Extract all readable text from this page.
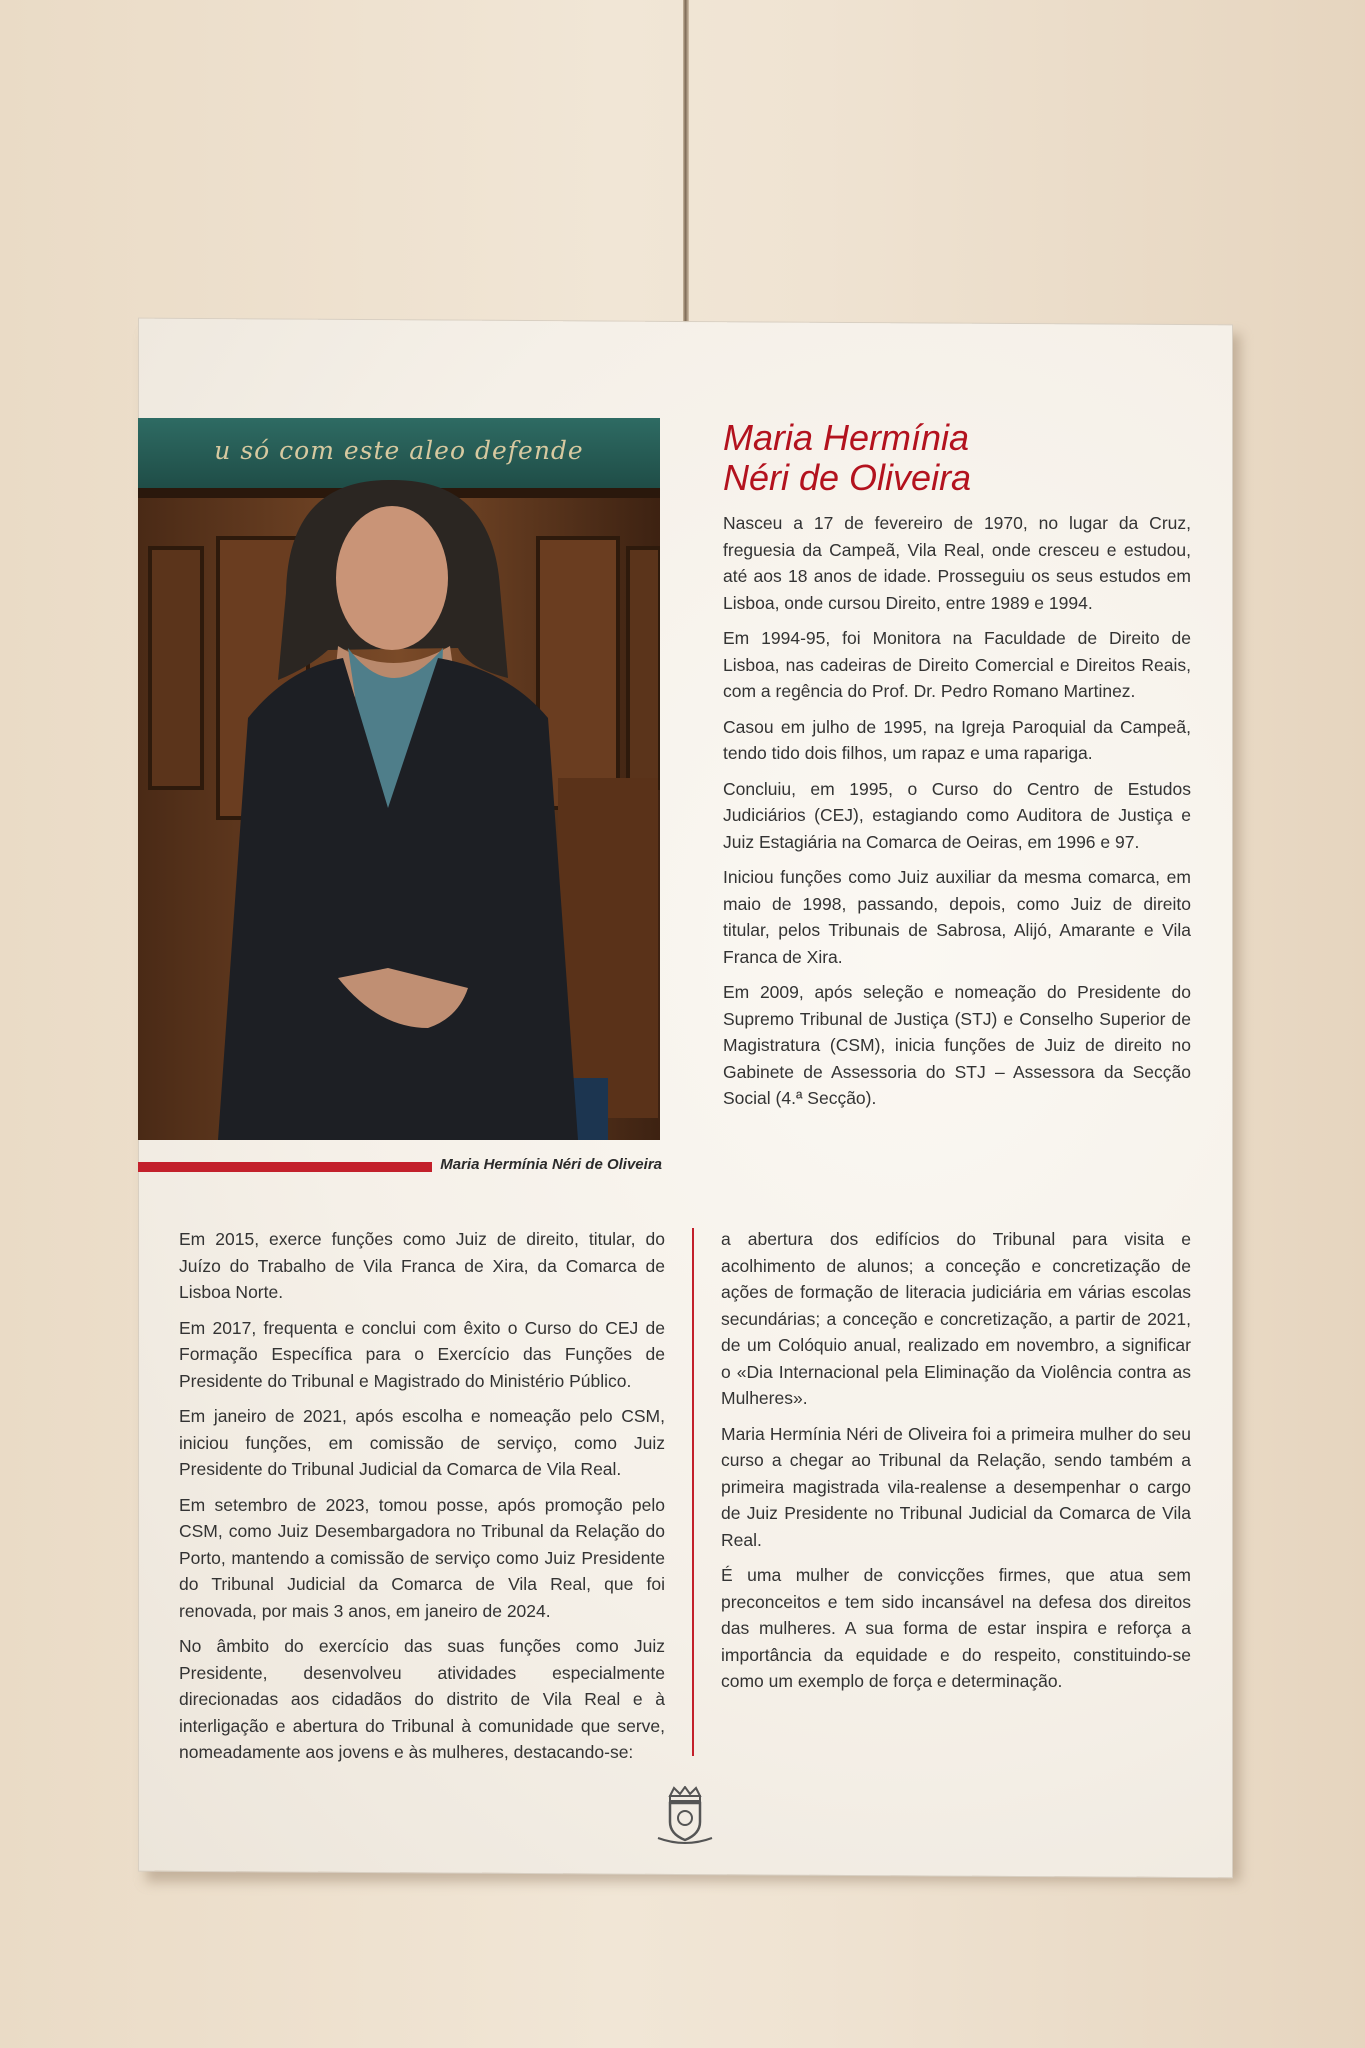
u só com este aleo defende
Maria Hermínia Néri de Oliveira
Maria Hermínia
Néri de Oliveira

Nasceu a 17 de fevereiro de 1970, no lugar da Cruz, freguesia da Campeã, Vila Real, onde cresceu e estudou, até aos 18 anos de idade. Prosseguiu os seus estudos em Lisboa, onde cursou Direito, entre 1989 e 1994.

Em 1994-95, foi Monitora na Faculdade de Direito de Lisboa, nas cadeiras de Direito Comercial e Direitos Reais, com a regência do Prof. Dr. Pedro Romano Martinez.

Casou em julho de 1995, na Igreja Paroquial da Campeã, tendo tido dois filhos, um rapaz e uma rapariga.

Concluiu, em 1995, o Curso do Centro de Estudos Judiciários (CEJ), estagiando como Auditora de Justiça e Juiz Estagiária na Comarca de Oeiras, em 1996 e 97.

Iniciou funções como Juiz auxiliar da mesma comarca, em maio de 1998, passando, depois, como Juiz de direito titular, pelos Tribunais de Sabrosa, Alijó, Amarante e Vila Franca de Xira.

Em 2009, após seleção e nomeação do Presidente do Supremo Tribunal de Justiça (STJ) e Conselho Superior de Magistratura (CSM), inicia funções de Juiz de direito no Gabinete de Assessoria do STJ – Assessora da Secção Social (4.ª Secção).

Em 2015, exerce funções como Juiz de direito, titular, do Juízo do Trabalho de Vila Franca de Xira, da Comarca de Lisboa Norte.

Em 2017, frequenta e conclui com êxito o Curso do CEJ de Formação Específica para o Exercício das Funções de Presidente do Tribunal e Magistrado do Ministério Público.

Em janeiro de 2021, após escolha e nomeação pelo CSM, iniciou funções, em comissão de serviço, como Juiz Presidente do Tribunal Judicial da Comarca de Vila Real.

Em setembro de 2023, tomou posse, após promoção pelo CSM, como Juiz Desembargadora no Tribunal da Relação do Porto, mantendo a comissão de serviço como Juiz Presidente do Tribunal Judicial da Comarca de Vila Real, que foi renovada, por mais 3 anos, em janeiro de 2024.

No âmbito do exercício das suas funções como Juiz Presidente, desenvolveu atividades especialmente direcionadas aos cidadãos do distrito de Vila Real e à interligação e abertura do Tribunal à comunidade que serve, nomeadamente aos jovens e às mulheres, destacando-se:

a abertura dos edifícios do Tribunal para visita e acolhimento de alunos; a conceção e concretização de ações de formação de literacia judiciária em várias escolas secundárias; a conceção e concretização, a partir de 2021, de um Colóquio anual, realizado em novembro, a significar o «Dia Internacional pela Eliminação da Violência contra as Mulheres».

Maria Hermínia Néri de Oliveira foi a primeira mulher do seu curso a chegar ao Tribunal da Relação, sendo também a primeira magistrada vila-realense a desempenhar o cargo de Juiz Presidente no Tribunal Judicial da Comarca de Vila Real.

É uma mulher de convicções firmes, que atua sem preconceitos e tem sido incansável na defesa dos direitos das mulheres. A sua forma de estar inspira e reforça a importância da equidade e do respeito, constituindo-se como um exemplo de força e determinação.
